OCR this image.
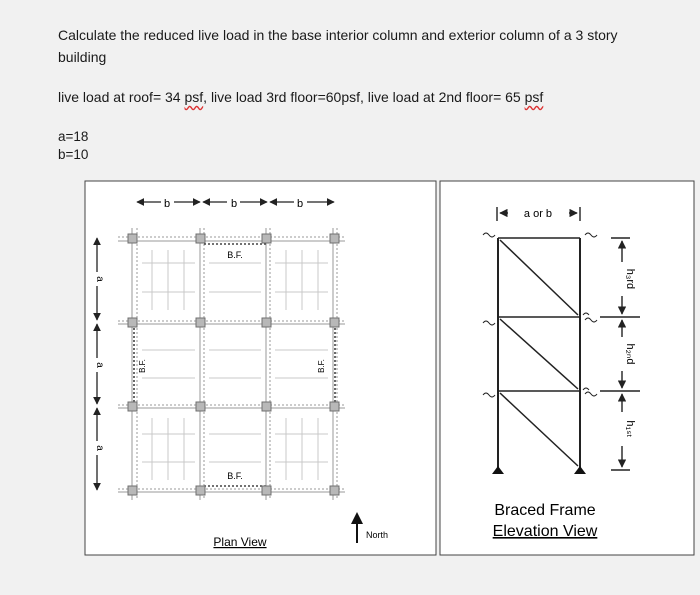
Calculate the reduced live load in the base interior column and exterior column of a 3 story
building
live load at roof= 34 psf, live load 3rd floor=60psf, live load at 2nd floor= 65 psf
a=18
b=10
b	b	b
a
a
a
B.F.
B.F.
B.F.	B.F.
Plan View	North
a or b
h₃rd
h₂ₙd
h₁ₛₜ
Braced Frame
Elevation View
